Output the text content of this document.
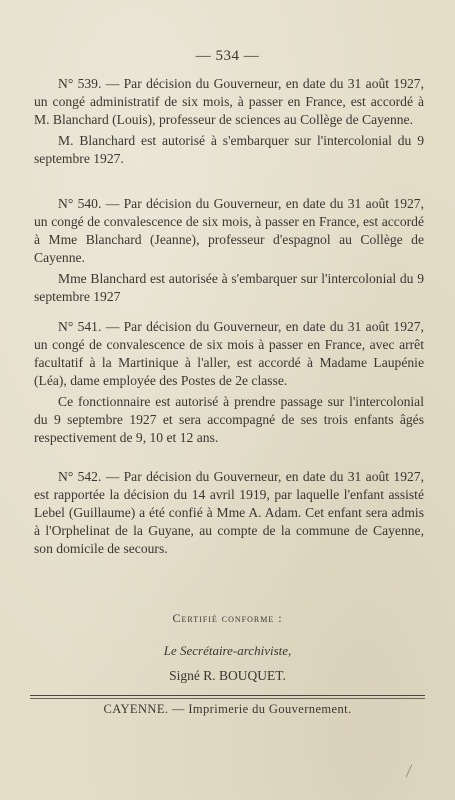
— 534 —

N° 539. — Par décision du Gouverneur, en date du 31 août 1927, un congé administratif de six mois, à passer en France, est accordé à M. Blanchard (Louis), professeur de sciences au Collège de Cayenne.

M. Blanchard est autorisé à s'embarquer sur l'intercolonial du 9 septembre 1927.

N° 540. — Par décision du Gouverneur, en date du 31 août 1927, un congé de convalescence de six mois, à passer en France, est accordé à Mme Blanchard (Jeanne), professeur d'espagnol au Collège de Cayenne.

Mme Blanchard est autorisée à s'embarquer sur l'intercolonial du 9 septembre 1927

N° 541. — Par décision du Gouverneur, en date du 31 août 1927, un congé de convalescence de six mois à passer en France, avec arrêt facultatif à la Martinique à l'aller, est accordé à Madame Laupénie (Léa), dame employée des Postes de 2e classe.

Ce fonctionnaire est autorisé à prendre passage sur l'intercolonial du 9 septembre 1927 et sera accompagné de ses trois enfants âgés respectivement de 9, 10 et 12 ans.

N° 542. — Par décision du Gouverneur, en date du 31 août 1927, est rapportée la décision du 14 avril 1919, par laquelle l'enfant assisté Lebel (Guillaume) a été confié à Mme A. Adam. Cet enfant sera admis à l'Orphelinat de la Guyane, au compte de la commune de Cayenne, son domicile de secours.

Certifié conforme :
Le Secrétaire-archiviste,
Signé R. BOUQUET.
CAYENNE. — Imprimerie du Gouvernement.
